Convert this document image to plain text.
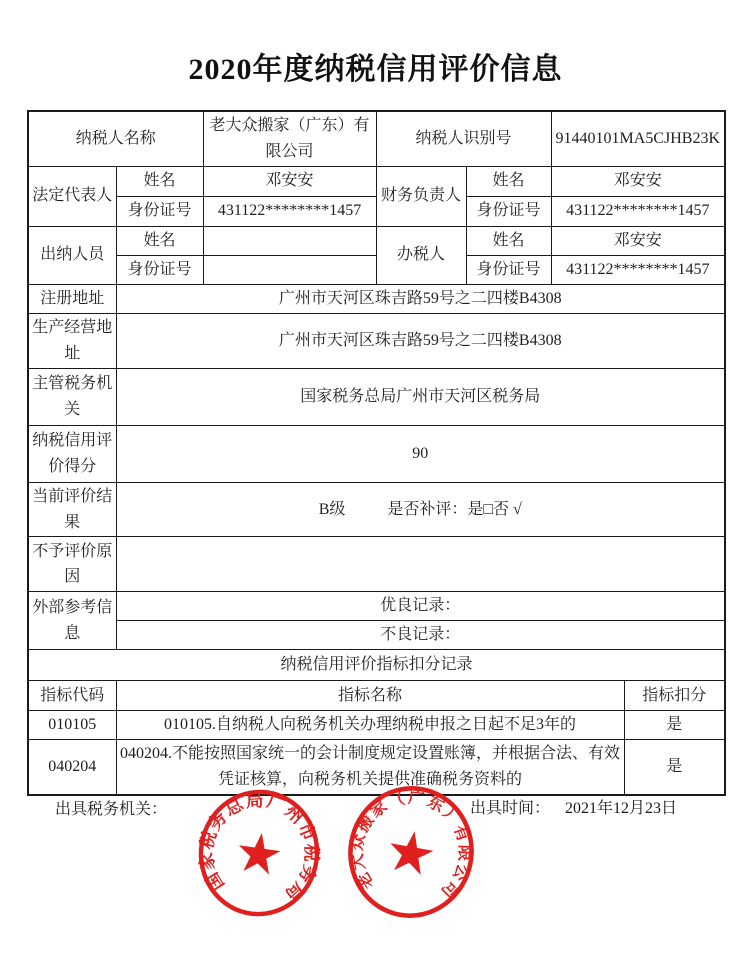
2020年度纳税信用评价信息
纳税人名称		老大众搬家（广东）有限公司	纳税人识别号		91440101MA5CJHB23K	
法定代表人	姓名	邓安安	财务负责人	姓名	邓安安	
	身份证号	431122********1457		身份证号	431122********1457	
出纳人员	姓名		办税人	姓名	邓安安	
	身份证号			身份证号	431122********1457	
注册地址	广州市天河区珠吉路59号之二四楼B4308					
生产经营地址	广州市天河区珠吉路59号之二四楼B4308					
主管税务机关	国家税务总局广州市天河区税务局					
纳税信用评价得分	90					
当前评价结果	B级 是否补评：是□否 √					
不予评价原因						
外部参考信息	优良记录：					
	不良记录：					
纳税信用评价指标扣分记录						
指标代码	指标名称					指标扣分
010105	010105.自纳税人向税务机关办理纳税申报之日起不足3年的					是
040204	040204.不能按照国家统一的会计制度规定设置账簿，并根据合法、有效凭证核算，向税务机关提供准确税务资料的					是
出具税务机关：
国家税务总局广州市税务局	老大众搬家（广东）有限公司
出具时间： 2021年12月23日
